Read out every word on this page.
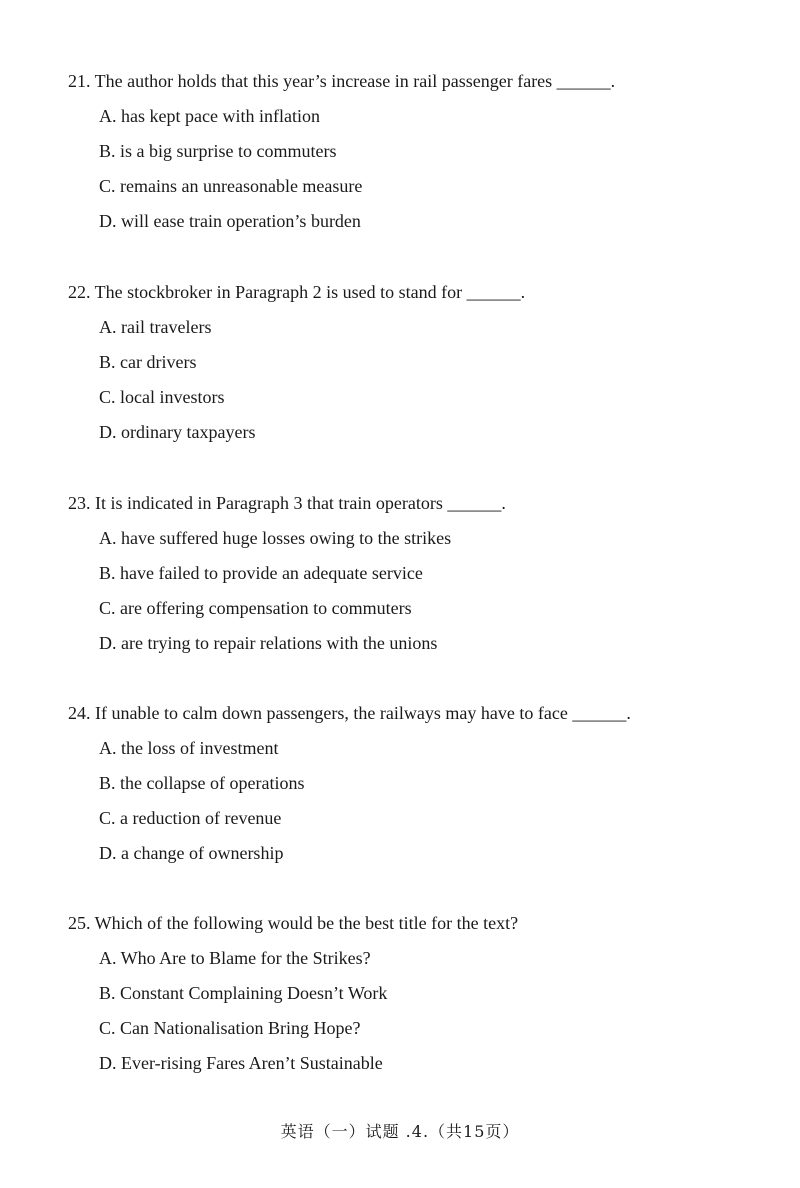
21. The author holds that this year’s increase in rail passenger fares ______.
A. has kept pace with inflation
B. is a big surprise to commuters
C. remains an unreasonable measure
D. will ease train operation’s burden
22. The stockbroker in Paragraph 2 is used to stand for ______.
A. rail travelers
B. car drivers
C. local investors
D. ordinary taxpayers
23. It is indicated in Paragraph 3 that train operators ______.
A. have suffered huge losses owing to the strikes
B. have failed to provide an adequate service
C. are offering compensation to commuters
D. are trying to repair relations with the unions
24. If unable to calm down passengers, the railways may have to face ______.
A. the loss of investment
B. the collapse of operations
C. a reduction of revenue
D. a change of ownership
25. Which of the following would be the best title for the text?
A. Who Are to Blame for the Strikes?
B. Constant Complaining Doesn’t Work
C. Can Nationalisation Bring Hope?
D. Ever-rising Fares Aren’t Sustainable
英语（一）试题 .4.（共15页）
